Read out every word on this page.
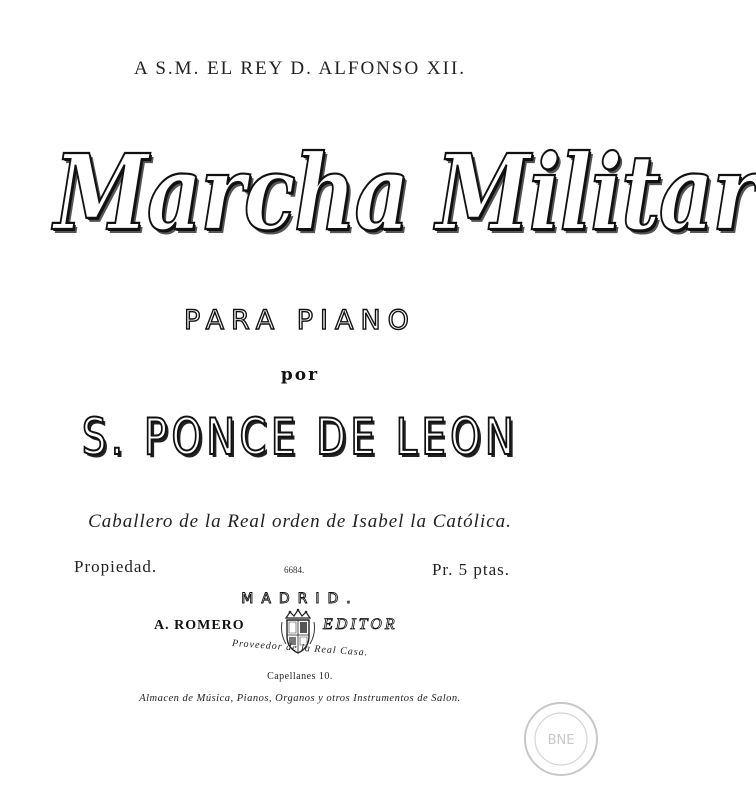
A S.M. EL REY D. ALFONSO XII.
Marcha Militar
PARA PIANO
por
S. PONCE DE LEON
Caballero de la Real orden de Isabel la Católica.
Propiedad.	6684.	Pr. 5 ptas.
MADRID.
A. ROMERO	EDITOR
Proveedor de la Real Casa.
Capellanes 10.
Almacen de Música, Pianos, Organos y otros Instrumentos de Salon.
BNE
